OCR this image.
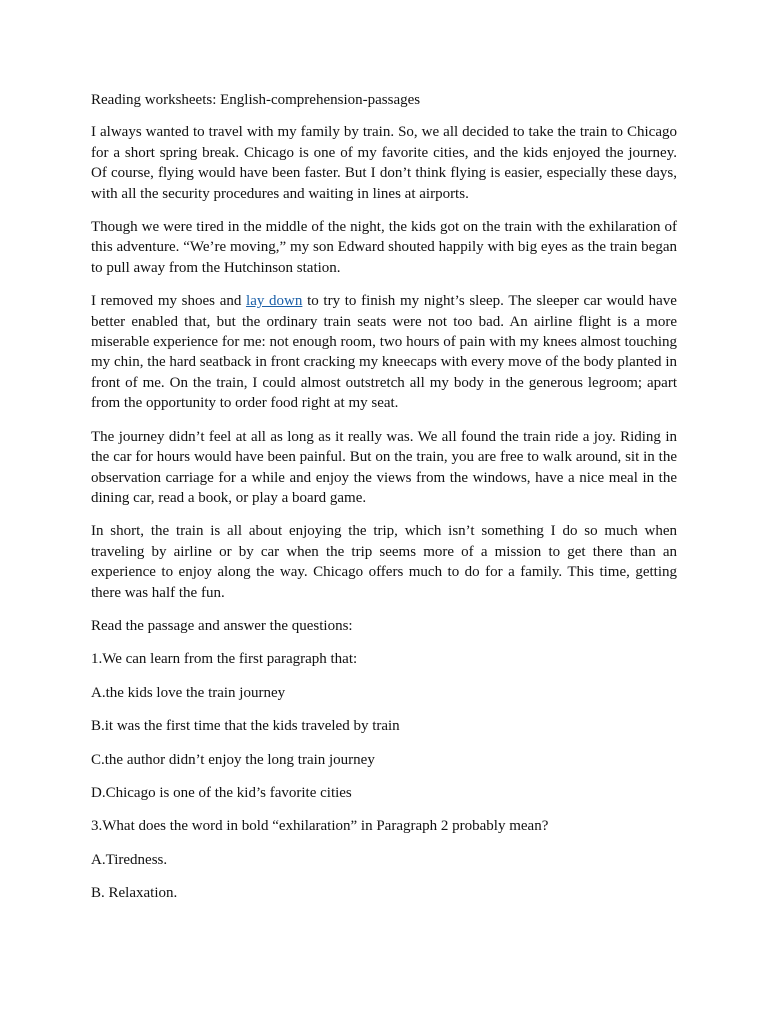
Reading worksheets: English-comprehension-passages

I always wanted to travel with my family by train. So, we all decided to take the train to Chicago for a short spring break. Chicago is one of my favorite cities, and the kids enjoyed the journey. Of course, flying would have been faster. But I don’t think flying is easier, especially these days, with all the security procedures and waiting in lines at airports.

Though we were tired in the middle of the night, the kids got on the train with the exhilaration of this adventure. “We’re moving,” my son Edward shouted happily with big eyes as the train began to pull away from the Hutchinson station.

I removed my shoes and lay down to try to finish my night’s sleep. The sleeper car would have better enabled that, but the ordinary train seats were not too bad. An airline flight is a more miserable experience for me: not enough room, two hours of pain with my knees almost touching my chin, the hard seatback in front cracking my kneecaps with every move of the body planted in front of me. On the train, I could almost outstretch all my body in the generous legroom; apart from the opportunity to order food right at my seat.

The journey didn’t feel at all as long as it really was. We all found the train ride a joy. Riding in the car for hours would have been painful. But on the train, you are free to walk around, sit in the observation carriage for a while and enjoy the views from the windows, have a nice meal in the dining car, read a book, or play a board game.

In short, the train is all about enjoying the trip, which isn’t something I do so much when traveling by airline or by car when the trip seems more of a mission to get there than an experience to enjoy along the way. Chicago offers much to do for a family. This time, getting there was half the fun.

Read the passage and answer the questions:

1.We can learn from the first paragraph that:

A.the kids love the train journey

B.it was the first time that the kids traveled by train

C.the author didn’t enjoy the long train journey

D.Chicago is one of the kid’s favorite cities

3.What does the word in bold “exhilaration” in Paragraph 2 probably mean?

A.Tiredness.

B. Relaxation.
